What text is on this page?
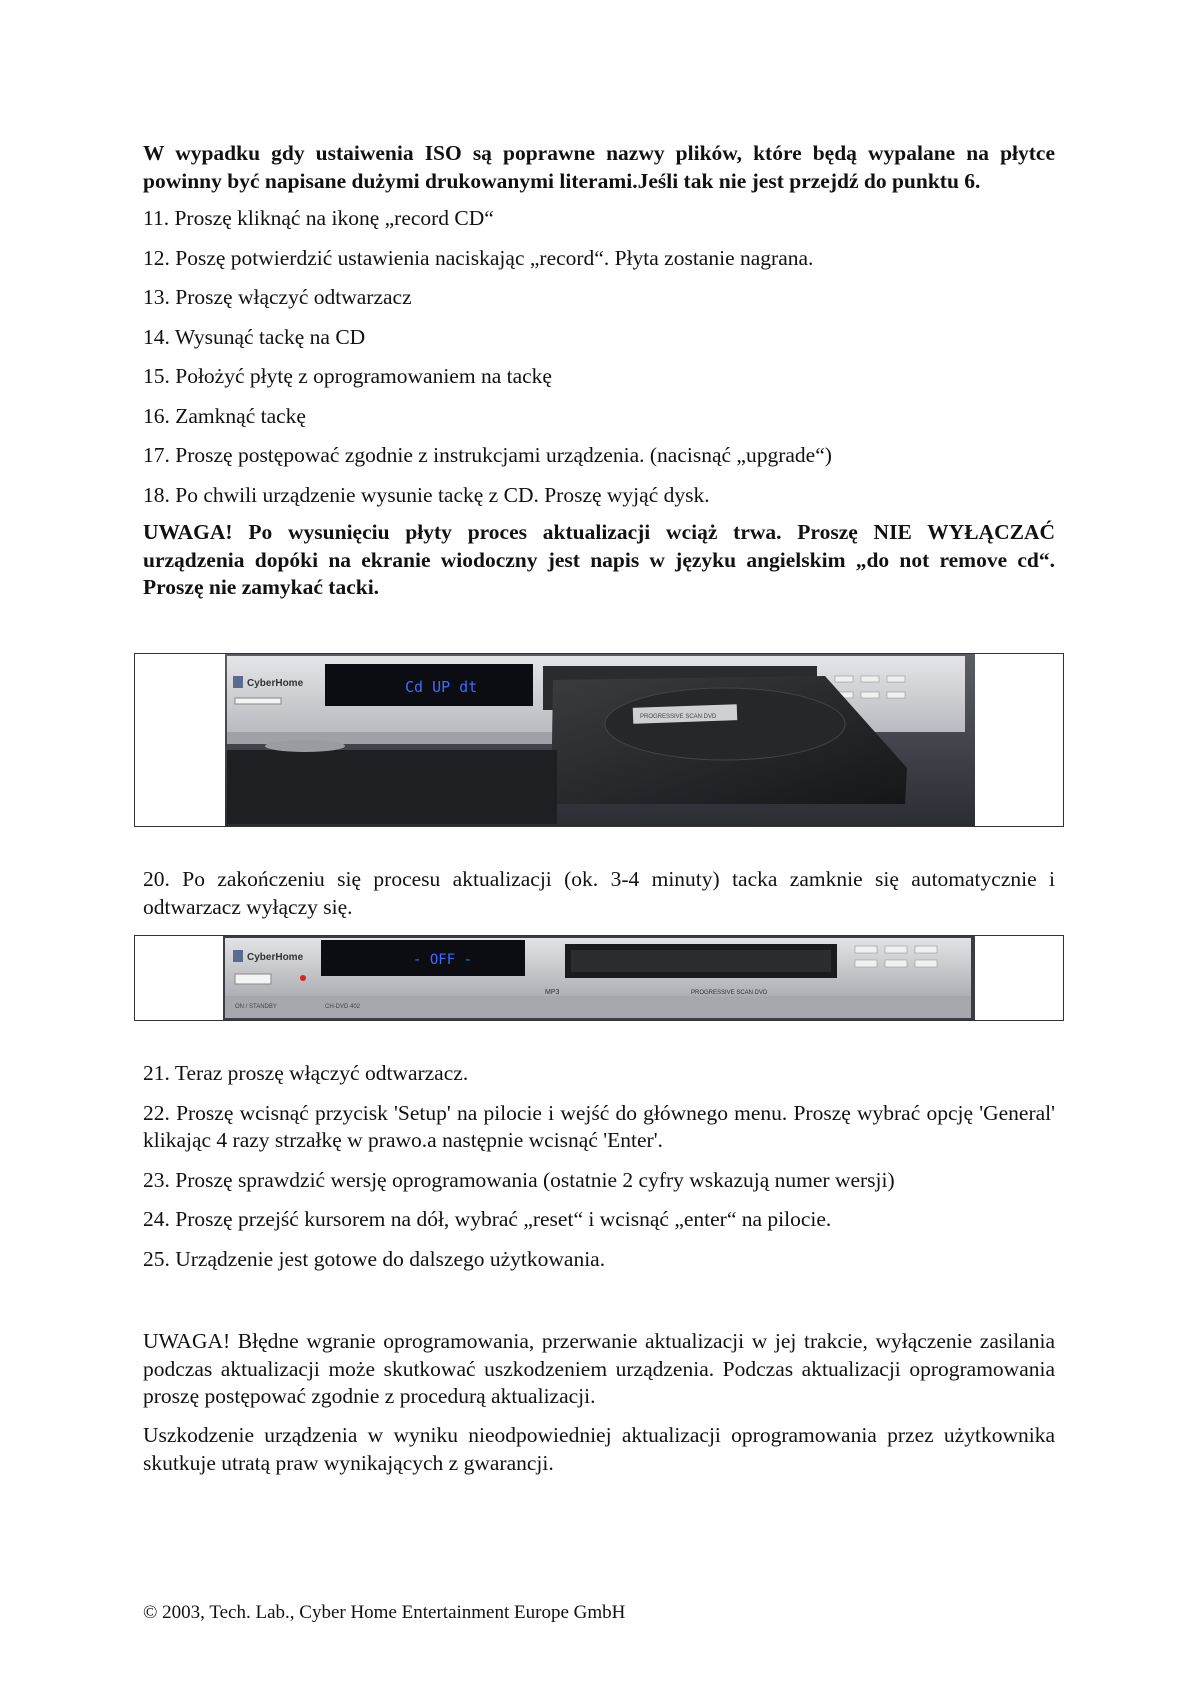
W wypadku gdy ustaiwenia ISO są poprawne nazwy plików, które będą wypalane na płytce powinny być napisane dużymi drukowanymi literami.Jeśli tak nie jest przejdź do punktu 6.

11. Proszę kliknąć na ikonę „record CD“

12. Poszę potwierdzić ustawienia naciskając „record“. Płyta zostanie nagrana.

13. Proszę włączyć odtwarzacz

14. Wysunąć tackę na CD

15. Położyć płytę z oprogramowaniem na tackę

16. Zamknąć tackę

17. Proszę postępować zgodnie z instrukcjami urządzenia. (nacisnąć „upgrade“)

18. Po chwili urządzenie wysunie tackę z CD. Proszę wyjąć dysk.

UWAGA! Po wysunięciu płyty proces aktualizacji wciąż trwa. Proszę NIE WYŁĄCZAĆ urządzenia dopóki na ekranie wiodoczny jest napis w języku angielskim „do not remove cd“. Proszę nie zamykać tacki.

CyberHome	Cd UP dt
PROGRESSIVE SCAN DVD

20. Po zakończeniu się procesu aktualizacji (ok. 3-4 minuty) tacka zamknie się automatycznie i odtwarzacz wyłączy się.

CyberHome	- OFF -
MP3	PROGRESSIVE SCAN DVD
ON / STANDBY	CH-DVD 402

21. Teraz proszę włączyć odtwarzacz.

22. Proszę wcisnąć przycisk 'Setup' na pilocie i wejść do głównego menu. Proszę wybrać opcję 'General' klikając 4 razy strzałkę w prawo.a następnie wcisnąć 'Enter'.

23. Proszę sprawdzić wersję oprogramowania (ostatnie 2 cyfry wskazują numer wersji)

24. Proszę przejść kursorem na dół, wybrać „reset“ i wcisnąć „enter“ na pilocie.

25. Urządzenie jest gotowe do dalszego użytkowania.

UWAGA! Błędne wgranie oprogramowania, przerwanie aktualizacji w jej trakcie, wyłączenie zasilania podczas aktualizacji może skutkować uszkodzeniem urządzenia. Podczas aktualizacji oprogramowania proszę postępować zgodnie z procedurą aktualizacji.

Uszkodzenie urządzenia w wyniku nieodpowiedniej aktualizacji oprogramowania przez użytkownika skutkuje utratą praw wynikających z gwarancji.

© 2003, Tech. Lab., Cyber Home Entertainment Europe GmbH
